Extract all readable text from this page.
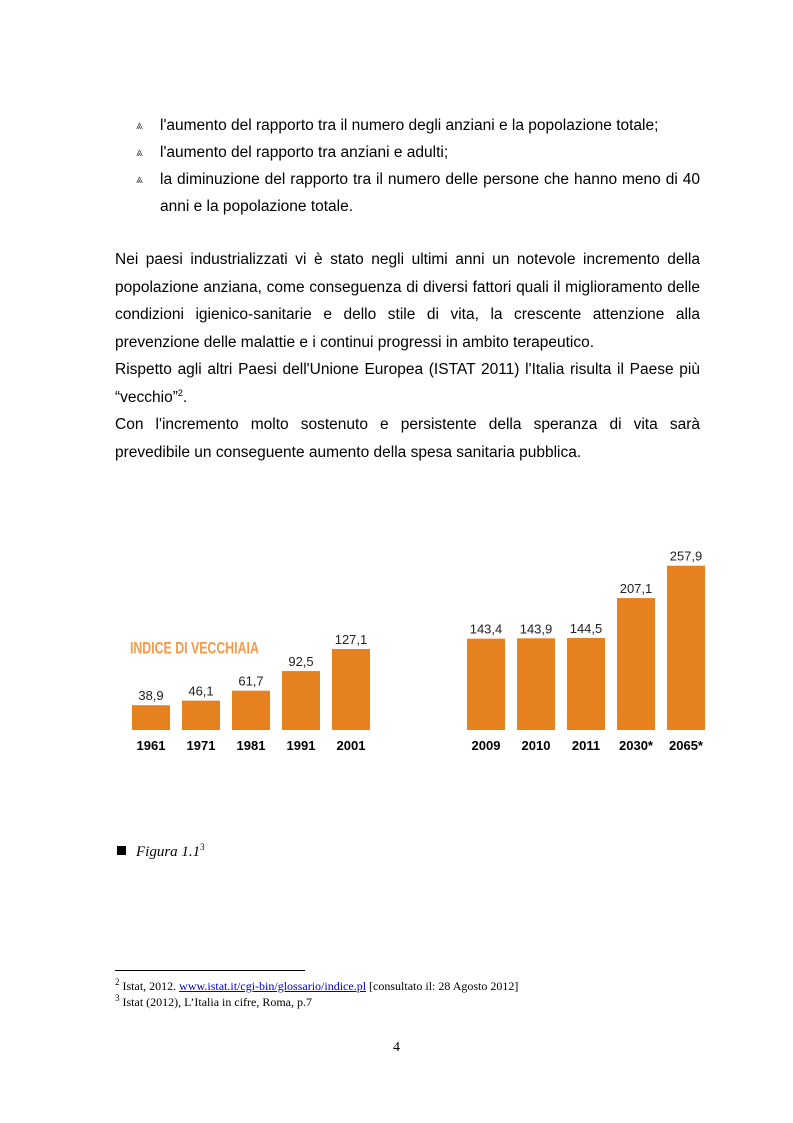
⩓ l'aumento del rapporto tra il numero degli anziani e la popolazione totale;
⩓ l'aumento del rapporto tra anziani e adulti;
⩓ la diminuzione del rapporto tra il numero delle persone che hanno meno di 40 anni e la popolazione totale.

Nei paesi industrializzati vi è stato negli ultimi anni un notevole incremento della popolazione anziana, come conseguenza di diversi fattori quali il miglioramento delle condizioni igienico-sanitarie e dello stile di vita, la crescente attenzione alla prevenzione delle malattie e i continui progressi in ambito terapeutico.

Rispetto agli altri Paesi dell'Unione Europea (ISTAT 2011) l'Italia risulta il Paese più “vecchio”$^2$.

Con l'incremento molto sostenuto e persistente della speranza di vita sarà prevedibile un conseguente aumento della spesa sanitaria pubblica.

INDICE DI VECCHIAIA
38,9
1961
46,1
1971
61,7
1981
92,5
1991
127,1
2001
143,4
2009
143,9
2010
144,5
2011
207,1
2030*
257,9
2065*
Figura $1.1^3$
$^2$ Istat, 2012. www.istat.it/cgi-bin/glossario/indice.pl [consultato il: 28 Agosto 2012]
$^3$ Istat (2012), L’Italia in cifre, Roma, p.7
4
